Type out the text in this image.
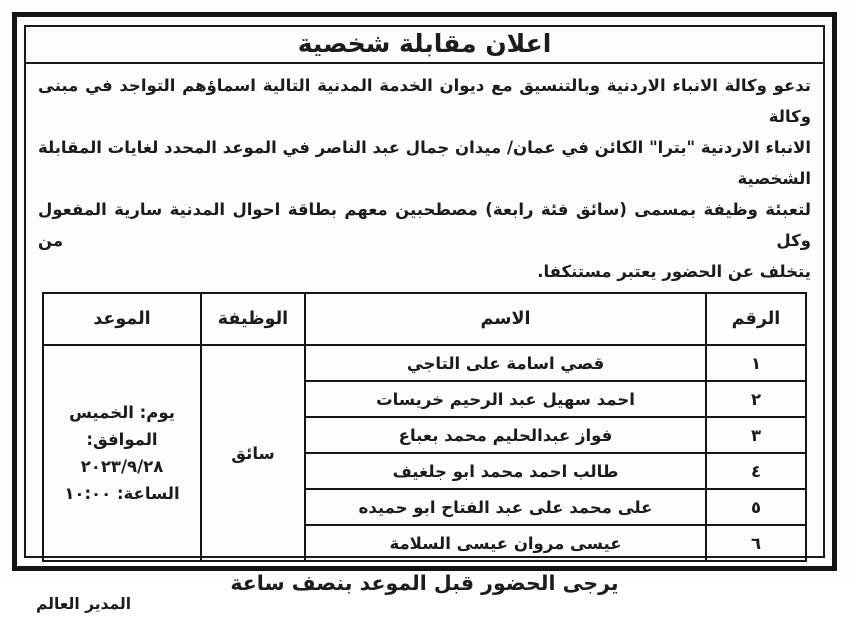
اعلان مقابلة شخصية
تدعو وكالة الانباء الاردنية وبالتنسيق مع ديوان الخدمة المدنية التالية اسماؤهم التواجد في مبنى وكالة
الانباء الاردنية "بترا" الكائن في عمان/ ميدان جمال عبد الناصر في الموعد المحدد لغايات المقابلة الشخصية
لتعبئة وظيفة بمسمى (سائق فئة رابعة) مصطحبين معهم بطاقة احوال المدنية سارية المفعول وكل من
يتخلف عن الحضور يعتبر مستنكفا.
الرقم	الاسم	الوظيفة	الموعد
١	قصي اسامة على التاجي	سائق	يوم: الخميس
الموافق:
٢٠٢٣/٩/٢٨
الساعة: ١٠:٠٠

٢	احمد سهيل عبد الرحيم خريسات		
٣	فواز عبدالحليم محمد بعباع		
٤	طالب احمد محمد ابو جلغيف		
٥	على محمد على عبد الفتاح ابو حميده		
٦	عيسى مروان عيسى السلامة		
يرجى الحضور قبل الموعد بنصف ساعة
المدير العالم
